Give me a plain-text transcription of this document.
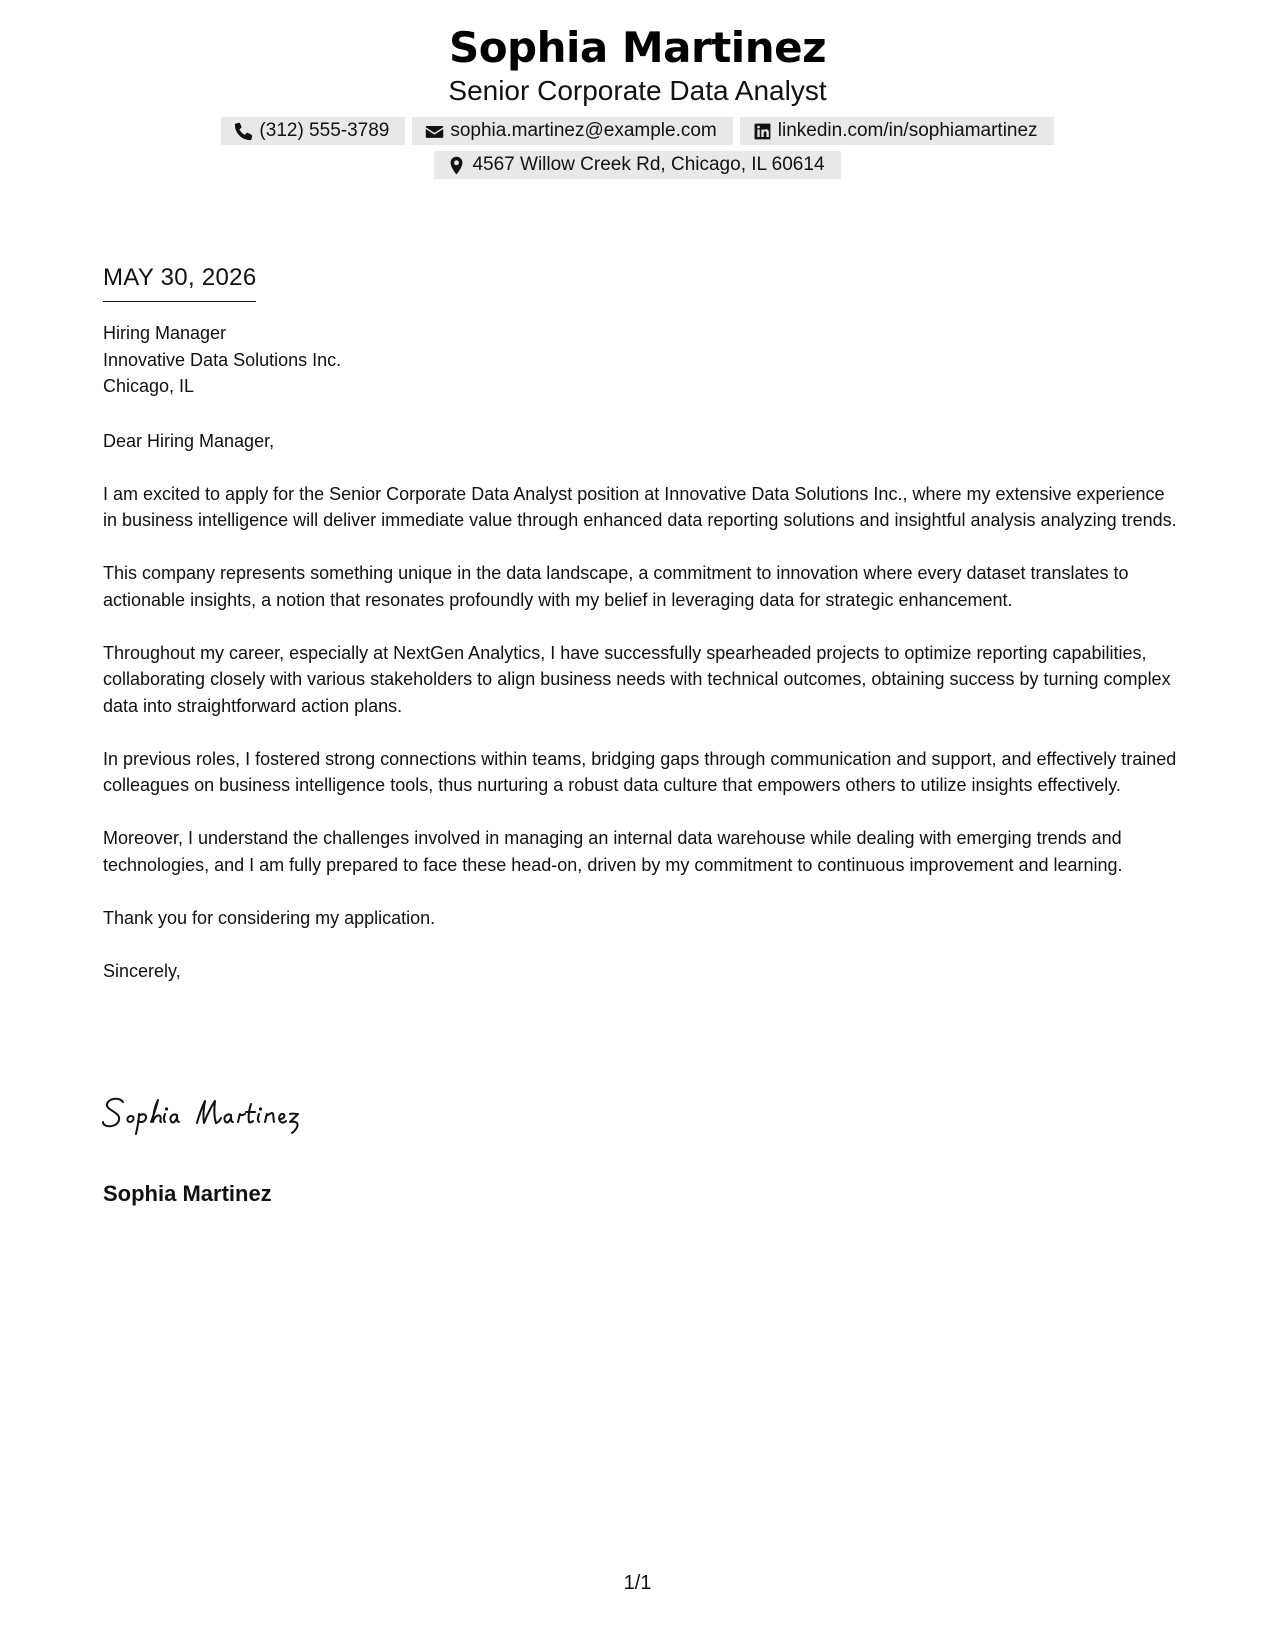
Sophia Martinez
Senior Corporate Data Analyst
(312) 555-3789	sophia.martinez@example.com	linkedin.com/in/sophiamartinez
4567 Willow Creek Rd, Chicago, IL 60614
MAY 30, 2026
Hiring Manager
Innovative Data Solutions Inc.
Chicago, IL

Dear Hiring Manager,

I am excited to apply for the Senior Corporate Data Analyst position at Innovative Data Solutions Inc., where my extensive experience in business intelligence will deliver immediate value through enhanced data reporting solutions and insightful analysis analyzing trends.

This company represents something unique in the data landscape, a commitment to innovation where every dataset translates to actionable insights, a notion that resonates profoundly with my belief in leveraging data for strategic enhancement.

Throughout my career, especially at NextGen Analytics, I have successfully spearheaded projects to optimize reporting capabilities, collaborating closely with various stakeholders to align business needs with technical outcomes, obtaining success by turning complex data into straightforward action plans.

In previous roles, I fostered strong connections within teams, bridging gaps through communication and support, and effectively trained colleagues on business intelligence tools, thus nurturing a robust data culture that empowers others to utilize insights effectively.

Moreover, I understand the challenges involved in managing an internal data warehouse while dealing with emerging trends and technologies, and I am fully prepared to face these head-on, driven by my commitment to continuous improvement and learning.

Thank you for considering my application.

Sincerely,

Sophia Martinez
1/1
